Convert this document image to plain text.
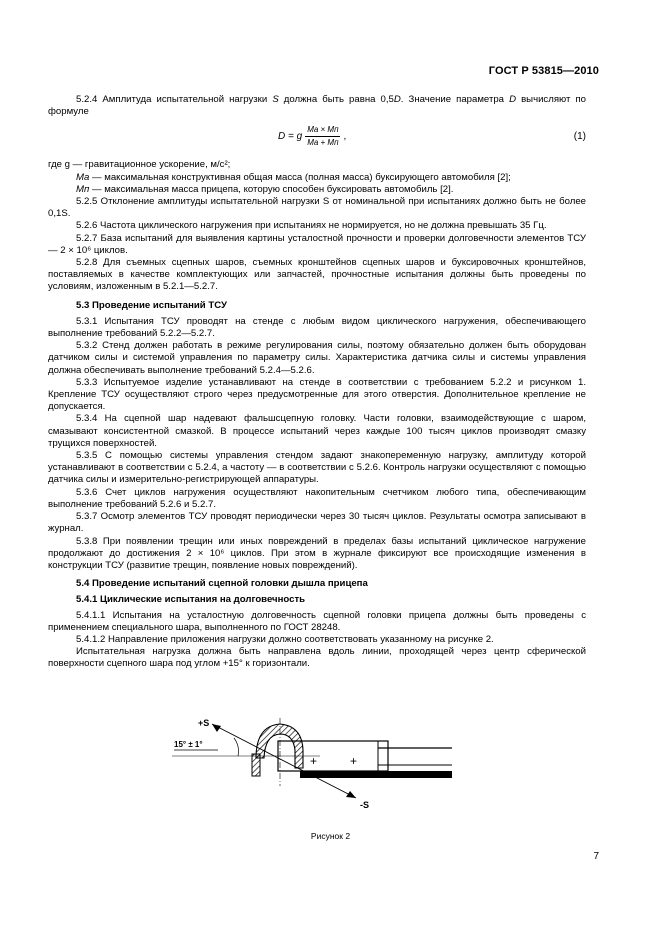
ГОСТ Р 53815—2010

5.2.4 Амплитуда испытательной нагрузки S должна быть равна 0,5D. Значение параметра D вычисляют по формуле

D = g $\frac{Mа \times Mп}{Mа + Mп}$ ,	(1)

где g — гравитационное ускорение, м/с²;

Mа — максимальная конструктивная общая масса (полная масса) буксирующего автомобиля [2];

Mп — максимальная масса прицепа, которую способен буксировать автомобиль [2].

5.2.5 Отклонение амплитуды испытательной нагрузки S от номинальной при испытаниях должно быть не более 0,1S.

5.2.6 Частота циклического нагружения при испытаниях не нормируется, но не должна превышать 35 Гц.

5.2.7 База испытаний для выявления картины усталостной прочности и проверки долговечности элементов ТСУ — 2 × 10⁶ циклов.

5.2.8 Для съемных сцепных шаров, съемных кронштейнов сцепных шаров и буксировочных кронштейнов, поставляемых в качестве комплектующих или запчастей, прочностные испытания должны быть проведены по условиям, изложенным в 5.2.1—5.2.7.

5.3 Проведение испытаний ТСУ

5.3.1 Испытания ТСУ проводят на стенде с любым видом циклического нагружения, обеспечивающего выполнение требований 5.2.2—5.2.7.

5.3.2 Стенд должен работать в режиме регулирования силы, поэтому обязательно должен быть оборудован датчиком силы и системой управления по параметру силы. Характеристика датчика силы и системы управления должна обеспечивать выполнение требований 5.2.4—5.2.6.

5.3.3 Испытуемое изделие устанавливают на стенде в соответствии с требованием 5.2.2 и рисунком 1. Крепление ТСУ осуществляют строго через предусмотренные для этого отверстия. Дополнительное крепление не допускается.

5.3.4 На сцепной шар надевают фальшсцепную головку. Части головки, взаимодействующие с шаром, смазывают консистентной смазкой. В процессе испытаний через каждые 100 тысяч циклов производят смазку трущихся поверхностей.

5.3.5 С помощью системы управления стендом задают знакопеременную нагрузку, амплитуду которой устанавливают в соответствии с 5.2.4, а частоту — в соответствии с 5.2.6. Контроль нагрузки осуществляют с помощью датчика силы и измерительно-регистрирующей аппаратуры.

5.3.6 Счет циклов нагружения осуществляют накопительным счетчиком любого типа, обеспечивающим выполнение требований 5.2.6 и 5.2.7.

5.3.7 Осмотр элементов ТСУ проводят периодически через 30 тысяч циклов. Результаты осмотра записывают в журнал.

5.3.8 При появлении трещин или иных повреждений в пределах базы испытаний циклическое нагружение продолжают до достижения 2 × 10⁶ циклов. При этом в журнале фиксируют все происходящие изменения в конструкции ТСУ (развитие трещин, появление новых повреждений).

5.4 Проведение испытаний сцепной головки дышла прицепа

5.4.1 Циклические испытания на долговечность

5.4.1.1 Испытания на усталостную долговечность сцепной головки прицепа должны быть проведены с применением специального шара, выполненного по ГОСТ 28248.

5.4.1.2 Направление приложения нагрузки должно соответствовать указанному на рисунке 2.

Испытательная нагрузка должна быть направлена вдоль линии, проходящей через центр сферической поверхности сцепного шара под углом +15° к горизонтали.

+S
15° ± 1°
-S
+	+
Рисунок 2
7
